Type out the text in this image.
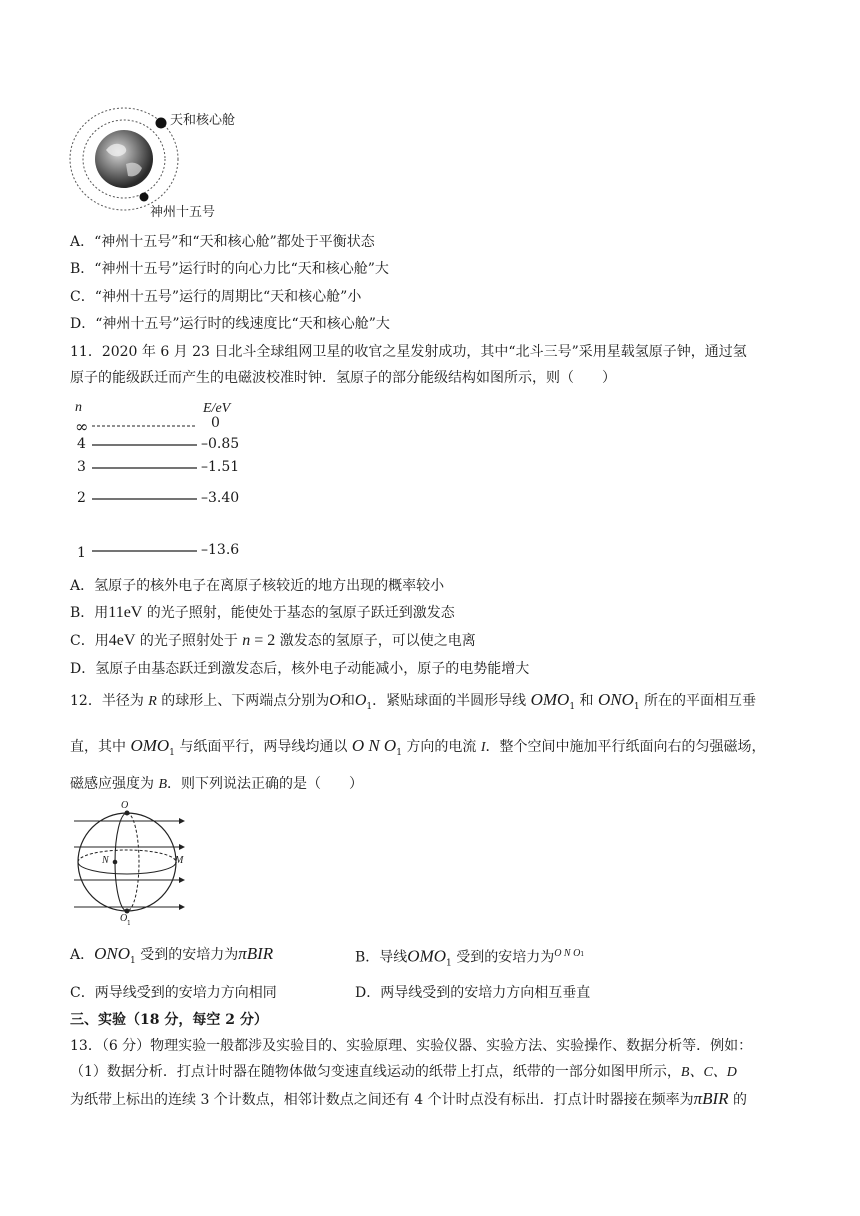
天和核心舱
神州十五号
A．“神州十五号”和“天和核心舱”都处于平衡状态
B．“神州十五号”运行时的向心力比“天和核心舱”大
C．“神州十五号”运行的周期比“天和核心舱”小
D．“神州十五号”运行时的线速度比“天和核心舱”大
11．2020 年 6 月 23 日北斗全球组网卫星的收官之星发射成功，其中“北斗三号”采用星载氢原子钟，通过氢
原子的能级跃迁而产生的电磁波校准时钟．氢原子的部分能级结构如图所示，则（　　）
n	E/eV
∞	0
4	–0.85
3	–1.51
2	–3.40
1	–13.6
A．氢原子的核外电子在离原子核较近的地方出现的概率较小
B．用11eV 的光子照射，能使处于基态的氢原子跃迁到激发态
C．用4eV 的光子照射处于 n = 2 激发态的氢原子，可以使之电离
D．氢原子由基态跃迁到激发态后，核外电子动能减小，原子的电势能增大
12．半径为 R 的球形上、下两端点分别为O和$O_1$．紧贴球面的半圆形导线 $OMO_1$ 和 $ONO_1$ 所在的平面相互垂
直，其中 $OMO_1$ 与纸面平行，两导线均通以 O N $O_1$ 方向的电流 I．整个空间中施加平行纸面向右的匀强磁场，
磁感应强度为 B．则下列说法正确的是（　　）
O
N	M
O 1
A．$ONO_1$ 受到的安培力为πBIR	B．导线$OMO_1$ 受到的安培力为$^{O N O1}$
C．两导线受到的安培力方向相同	D．两导线受到的安培力方向相互垂直
三、实验（18 分，每空 2 分）
13．（6 分）物理实验一般都涉及实验目的、实验原理、实验仪器、实验方法、实验操作、数据分析等．例如：
（1）数据分析．打点计时器在随物体做匀变速直线运动的纸带上打点，纸带的一部分如图甲所示，B、C、D
为纸带上标出的连续 3 个计数点，相邻计数点之间还有 4 个计时点没有标出．打点计时器接在频率为πBIR 的
